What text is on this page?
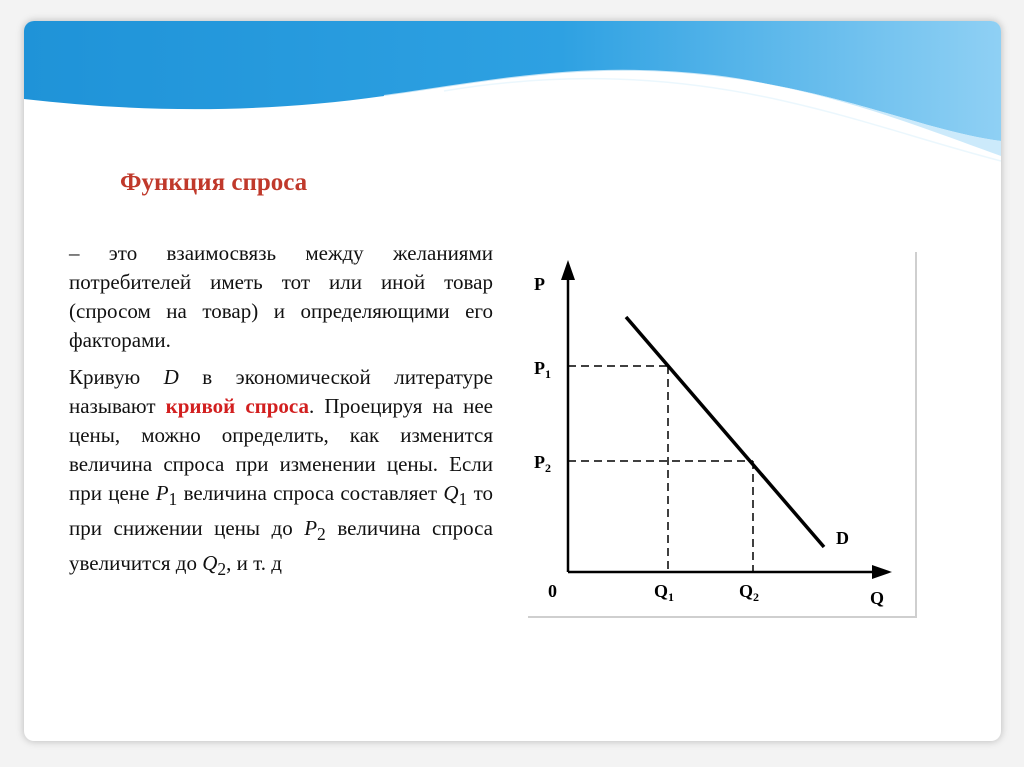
Функция спроса
– это взаимосвязь между желаниями потребителей иметь тот или иной товар (спросом на товар) и определяющими его факторами.
Кривую D в экономической литературе называют кривой спроса. Проецируя на нее цены, можно определить, как изменится величина спроса при изменении цены. Если при цене $P_1$ величина спроса составляет $Q_1$ то при снижении цены до $P_2$ величина спроса увеличится до $Q_2$, и т. д
P
$P_1$
$P_2$
0	$Q_1$	$Q_2$	Q
D
